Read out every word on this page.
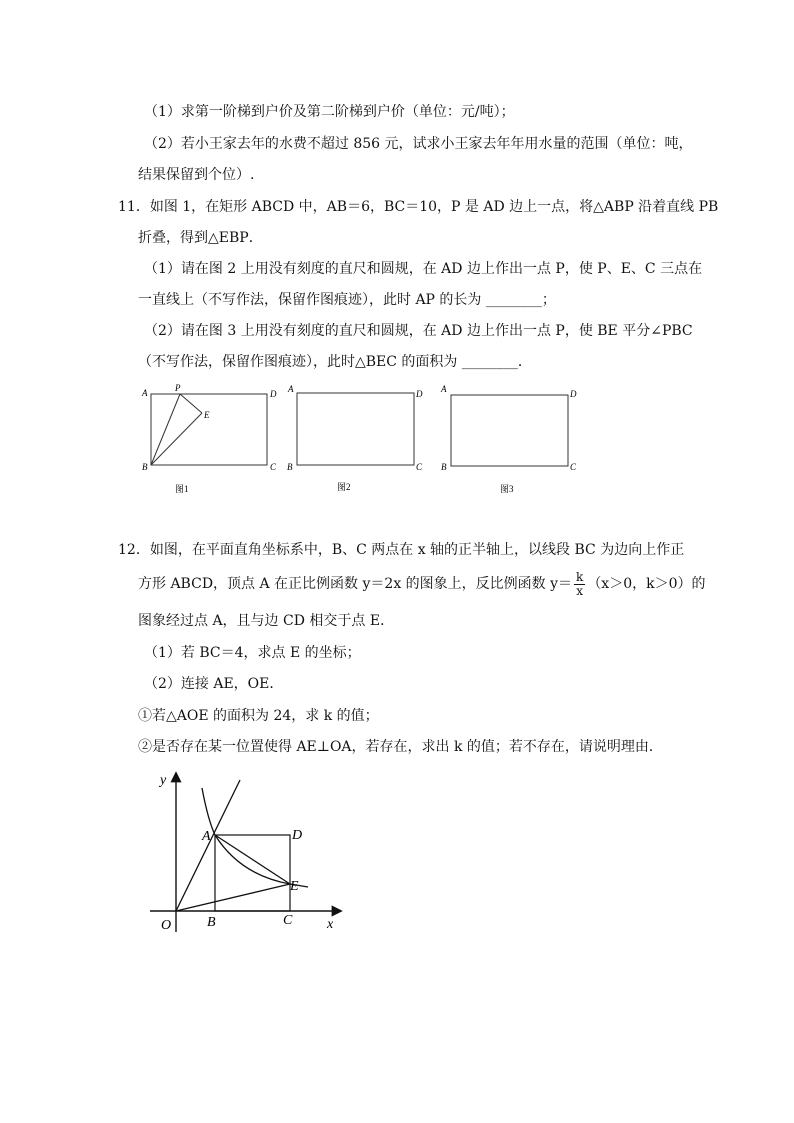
（1）求第一阶梯到户价及第二阶梯到户价（单位：元/吨）；
（2）若小王家去年的水费不超过 856 元，试求小王家去年年用水量的范围（单位：吨，
结果保留到个位）.
11．如图 1，在矩形 ABCD 中，AB＝6，BC＝10，P 是 AD 边上一点，将△ABP 沿着直线 PB
折叠，得到△EBP．
（1）请在图 2 上用没有刻度的直尺和圆规，在 AD 边上作出一点 P，使 P、E、C 三点在
一直线上（不写作法，保留作图痕迹），此时 AP 的长为 ________；
（2）请在图 3 上用没有刻度的直尺和圆规，在 AD 边上作出一点 P，使 BE 平分∠PBC
（不写作法，保留作图痕迹），此时△BEC 的面积为 ________．
A	P
E
D
B	C
图1
A	D
B	C
图2
A	D
B	C
图3
12．如图，在平面直角坐标系中，B、C 两点在 x 轴的正半轴上，以线段 BC 为边向上作正
方形 ABCD，顶点 A 在正比例函数 y＝2x 的图象上，反比例函数 $y= \frac{k}{x} (x>0$，k＞0）的
图象经过点 A，且与边 CD 相交于点 E．
（1）若 BC＝4，求点 E 的坐标；
（2）连接 AE，OE．
①若△AOE 的面积为 24，求 k 的值；
②是否存在某一位置使得 AE⊥OA，若存在，求出 k 的值；若不存在，请说明理由．
y
x
O
A	D
E
B	C
